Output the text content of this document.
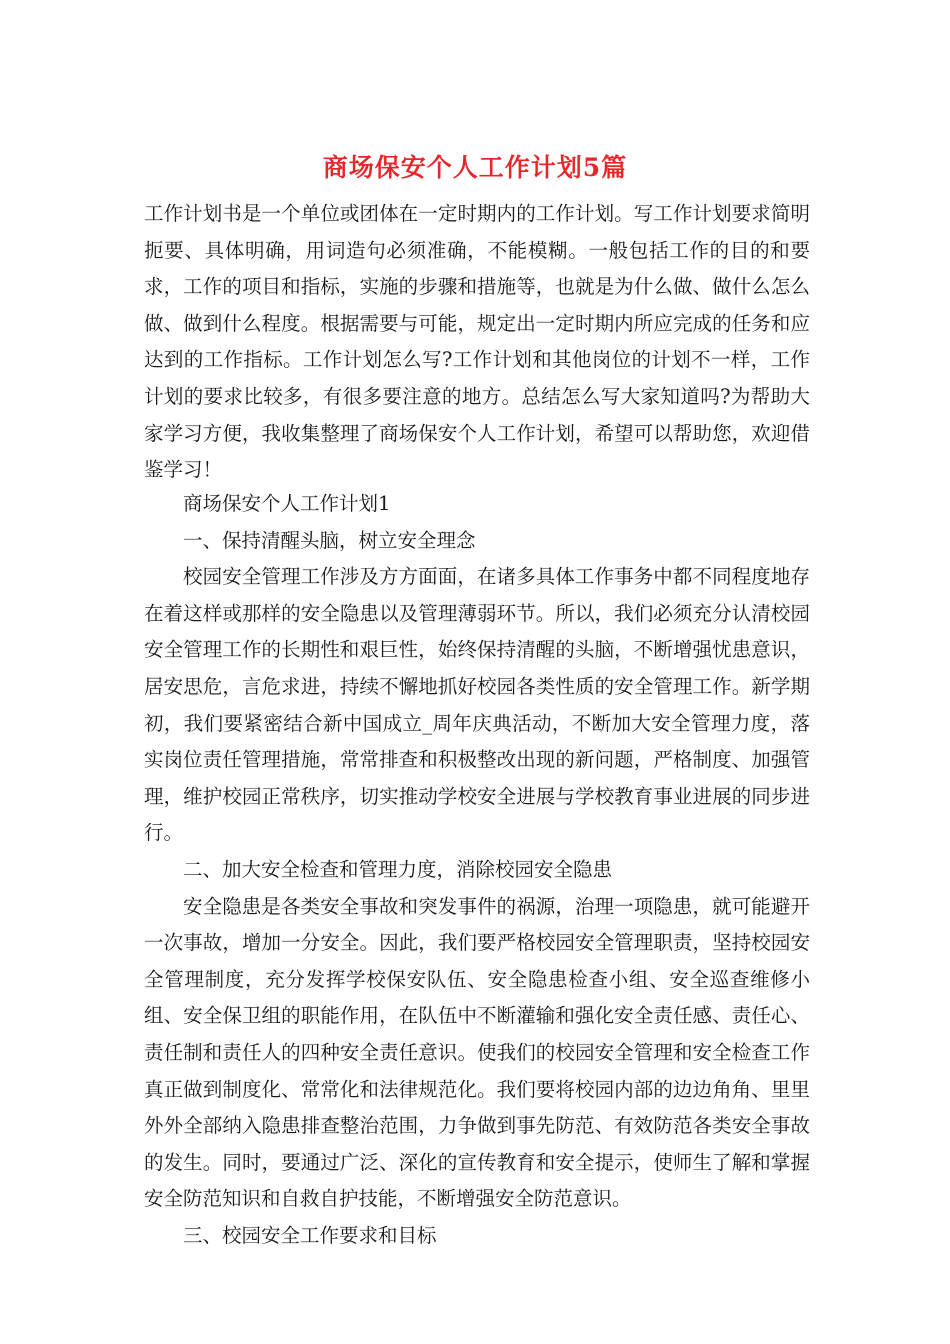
商场保安个人工作计划5篇

工作计划书是一个单位或团体在一定时期内的工作计划。写工作计划要求简明扼要、具体明确，用词造句必须准确，不能模糊。一般包括工作的目的和要求，工作的项目和指标，实施的步骤和措施等，也就是为什么做、做什么怎么做、做到什么程度。根据需要与可能，规定出一定时期内所应完成的任务和应达到的工作指标。工作计划怎么写?工作计划和其他岗位的计划不一样，工作计划的要求比较多，有很多要注意的地方。总结怎么写大家知道吗?为帮助大家学习方便，我收集整理了商场保安个人工作计划，希望可以帮助您，欢迎借鉴学习！

商场保安个人工作计划1

一、保持清醒头脑，树立安全理念

校园安全管理工作涉及方方面面，在诸多具体工作事务中都不同程度地存在着这样或那样的安全隐患以及管理薄弱环节。所以，我们必须充分认清校园安全管理工作的长期性和艰巨性，始终保持清醒的头脑，不断增强忧患意识，居安思危，言危求进，持续不懈地抓好校园各类性质的安全管理工作。新学期初，我们要紧密结合新中国成立_周年庆典活动，不断加大安全管理力度，落实岗位责任管理措施，常常排查和积极整改出现的新问题，严格制度、加强管理，维护校园正常秩序，切实推动学校安全进展与学校教育事业进展的同步进行。

二、加大安全检查和管理力度，消除校园安全隐患

安全隐患是各类安全事故和突发事件的祸源，治理一项隐患，就可能避开一次事故，增加一分安全。因此，我们要严格校园安全管理职责，坚持校园安全管理制度，充分发挥学校保安队伍、安全隐患检查小组、安全巡查维修小组、安全保卫组的职能作用，在队伍中不断灌输和强化安全责任感、责任心、责任制和责任人的四种安全责任意识。使我们的校园安全管理和安全检查工作真正做到制度化、常常化和法律规范化。我们要将校园内部的边边角角、里里外外全部纳入隐患排查整治范围，力争做到事先防范、有效防范各类安全事故的发生。同时，要通过广泛、深化的宣传教育和安全提示，使师生了解和掌握安全防范知识和自救自护技能，不断增强安全防范意识。

三、校园安全工作要求和目标
